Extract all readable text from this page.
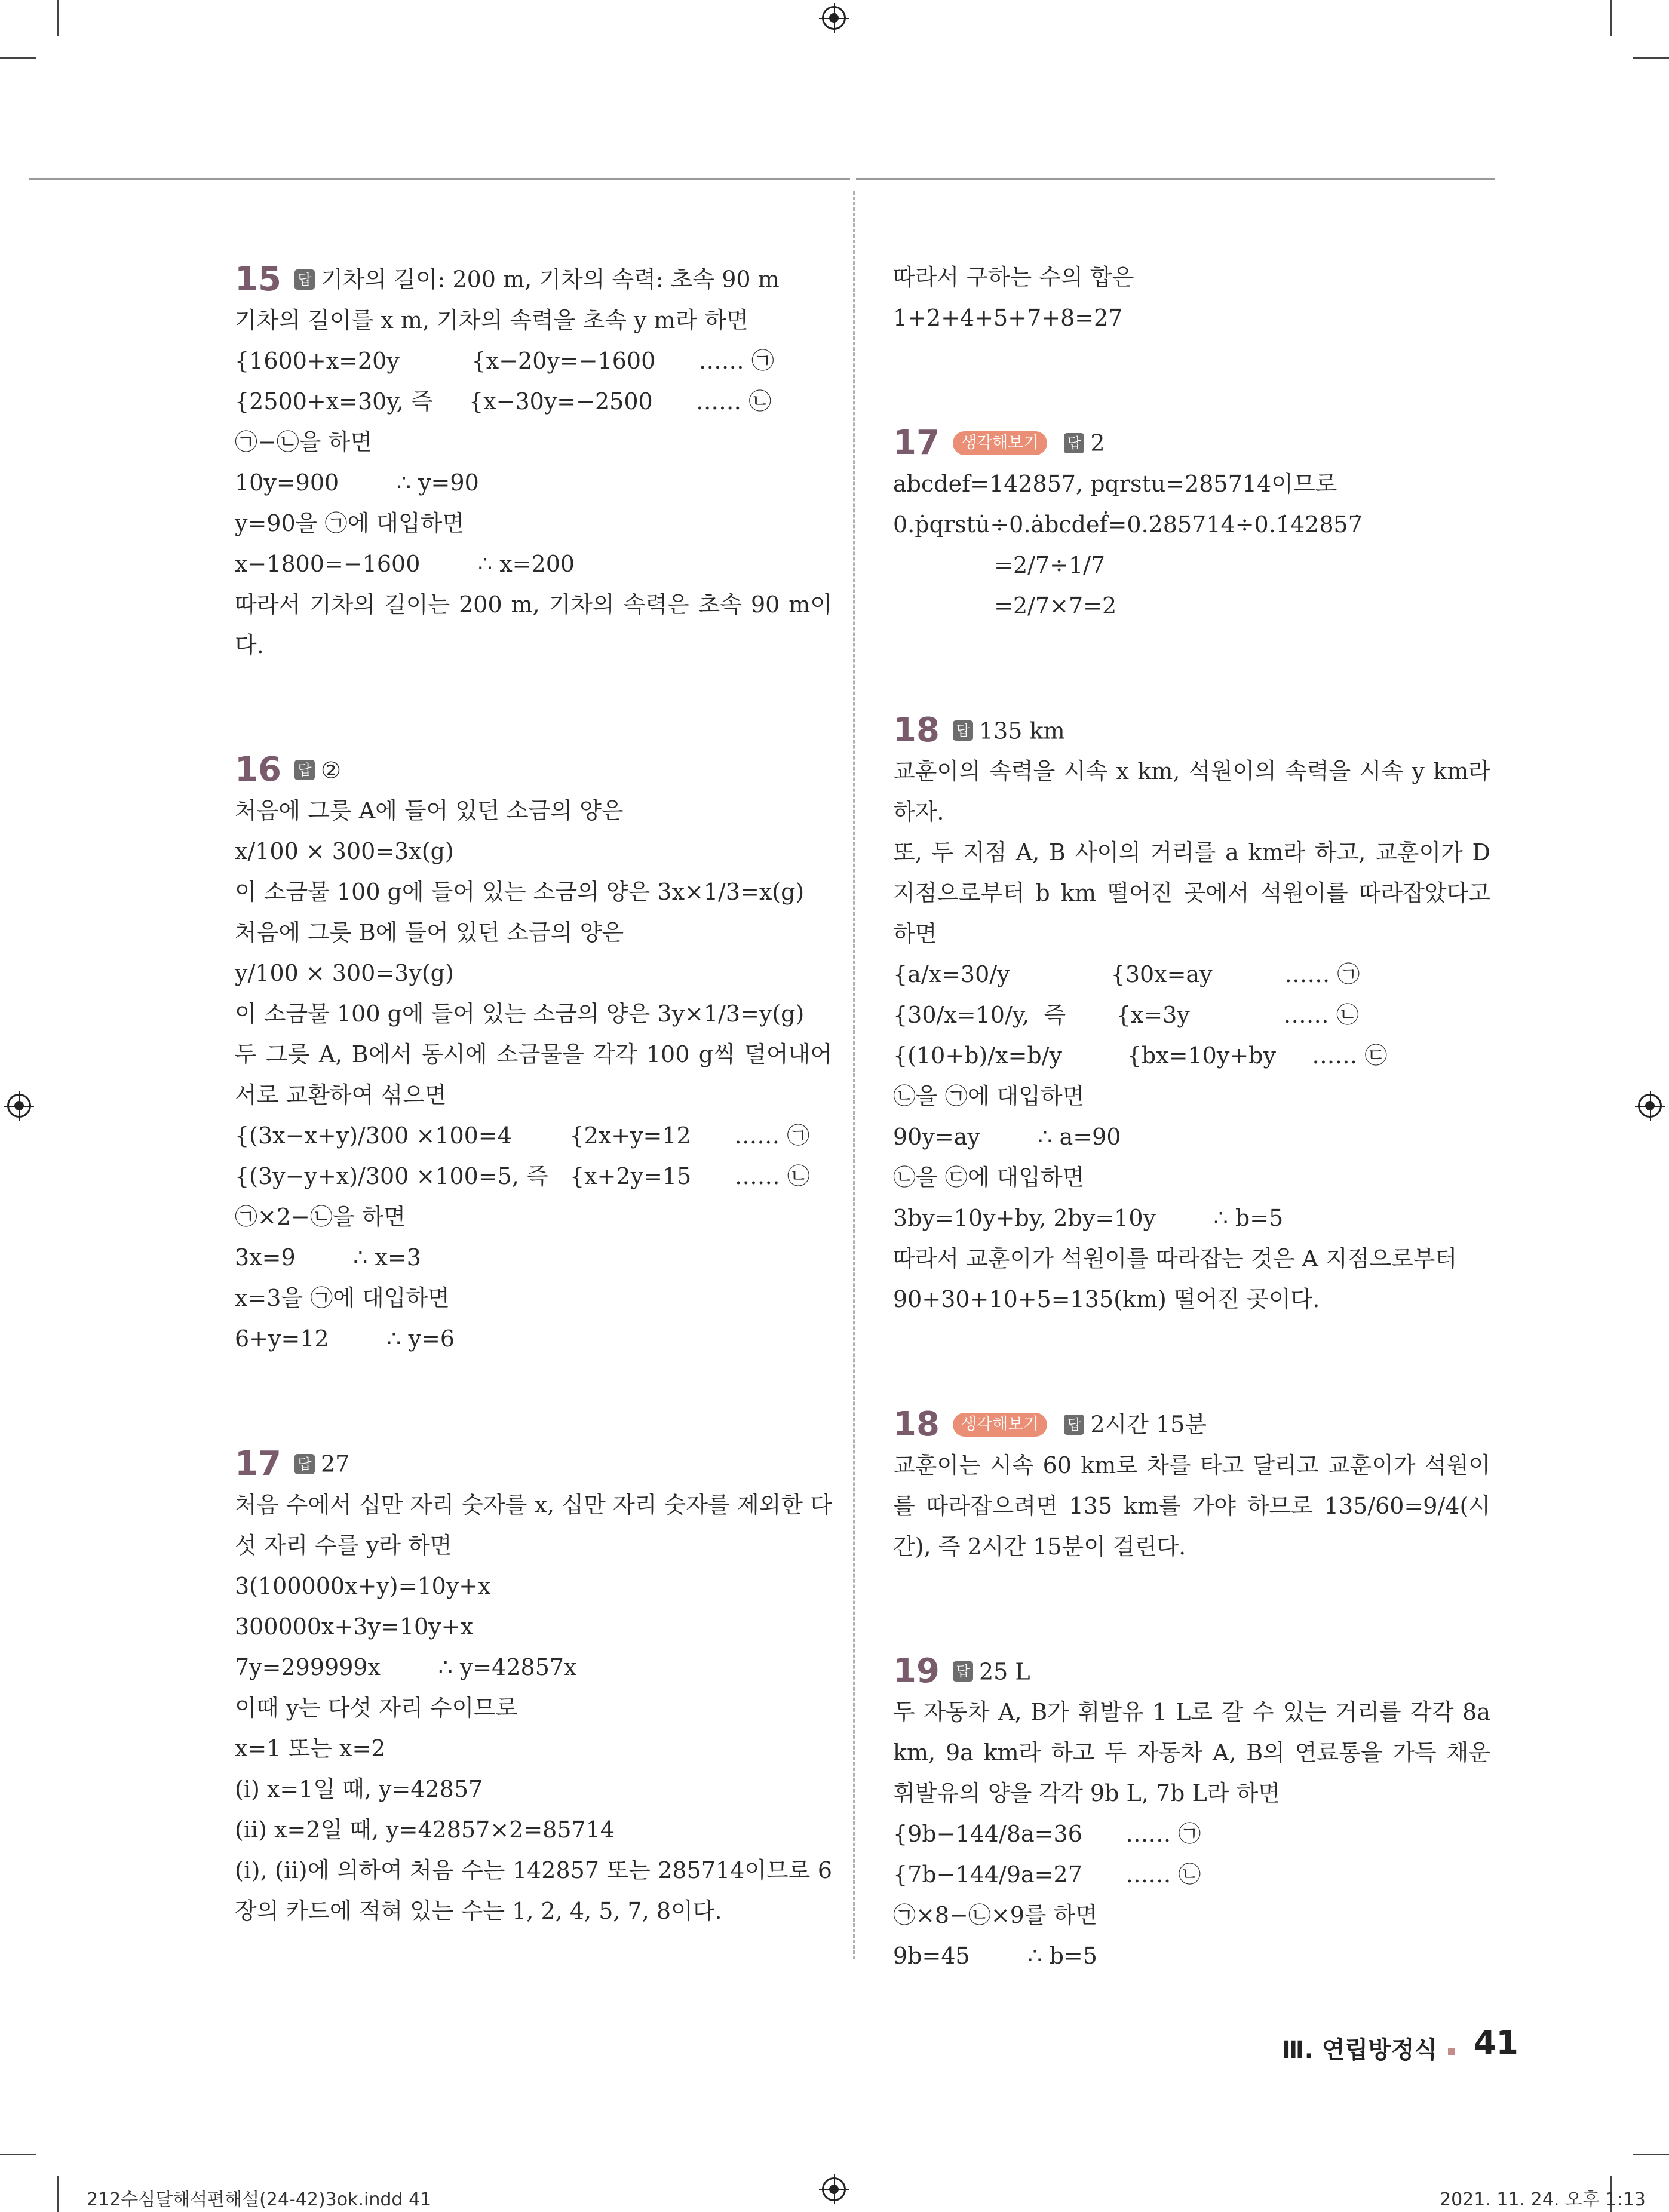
15 답 기차의 길이: 200 m, 기차의 속력: 초속 90 m
기차의 길이를 x m, 기차의 속력을 초속 y m라 하면
{1600+x=20y          {x−20y=−1600      …… ㉠
{2500+x=30y, 즉     {x−30y=−2500      …… ㉡
㉠−㉡을 하면
10y=900        ∴ y=90
y=90을 ㉠에 대입하면
x−1800=−1600        ∴ x=200
따라서 기차의 길이는 200 m, 기차의 속력은 초속 90 m이다.
16 답 ②
처음에 그릇 A에 들어 있던 소금의 양은
x/100 × 300=3x(g)
이 소금물 100 g에 들어 있는 소금의 양은 3x×1/3=x(g)
처음에 그릇 B에 들어 있던 소금의 양은
y/100 × 300=3y(g)
이 소금물 100 g에 들어 있는 소금의 양은 3y×1/3=y(g)
두 그릇 A, B에서 동시에 소금물을 각각 100 g씩 덜어내어 서로 교환하여 섞으면
{(3x−x+y)/300 ×100=4        {2x+y=12      …… ㉠
{(3y−y+x)/300 ×100=5, 즉   {x+2y=15      …… ㉡
㉠×2−㉡을 하면
3x=9        ∴ x=3
x=3을 ㉠에 대입하면
6+y=12        ∴ y=6
17 답 27
처음 수에서 십만 자리 숫자를 x, 십만 자리 숫자를 제외한 다섯 자리 수를 y라 하면
3(100000x+y)=10y+x
300000x+3y=10y+x
7y=299999x        ∴ y=42857x
이때 y는 다섯 자리 수이므로
x=1 또는 x=2
(ⅰ) x=1일 때, y=42857
(ⅱ) x=2일 때, y=42857×2=85714
(ⅰ), (ⅱ)에 의하여 처음 수는 142857 또는 285714이므로 6장의 카드에 적혀 있는 수는 1, 2, 4, 5, 7, 8이다.
따라서 구하는 수의 합은
1+2+4+5+7+8=27
17 생각해보기 답 2
abcdef=142857, pqrstu=285714이므로
0.ṗqrstu̇÷0.ȧbcdeḟ=0.2̇85714̇÷0.1̇42857̇
=2/7÷1/7
=2/7×7=2
18 답 135 km
교훈이의 속력을 시속 x km, 석원이의 속력을 시속 y km라 하자.
또, 두 지점 A, B 사이의 거리를 a km라 하고, 교훈이가 D 지점으로부터 b km 떨어진 곳에서 석원이를 따라잡았다고 하면
{a/x=30/y              {30x=ay          …… ㉠
{30/x=10/y,  즉       {x=3y             …… ㉡
{(10+b)/x=b/y         {bx=10y+by     …… ㉢
㉡을 ㉠에 대입하면
90y=ay        ∴ a=90
㉡을 ㉢에 대입하면
3by=10y+by, 2by=10y        ∴ b=5
따라서 교훈이가 석원이를 따라잡는 것은 A 지점으로부터
90+30+10+5=135(km) 떨어진 곳이다.
18 생각해보기 답 2시간 15분
교훈이는 시속 60 km로 차를 타고 달리고 교훈이가 석원이를 따라잡으려면 135 km를 가야 하므로 135/60=9/4(시간), 즉 2시간 15분이 걸린다.
19 답 25 L
두 자동차 A, B가 휘발유 1 L로 갈 수 있는 거리를 각각 8a km, 9a km라 하고 두 자동차 A, B의 연료통을 가득 채운 휘발유의 양을 각각 9b L, 7b L라 하면
{9b−144/8a=36      …… ㉠
{7b−144/9a=27      …… ㉡
㉠×8−㉡×9를 하면
9b=45        ∴ b=5
Ⅲ. 연립방정식	41
212수심달해석편해설(24-42)3ok.indd 41	2021. 11. 24. 오후 1:13
